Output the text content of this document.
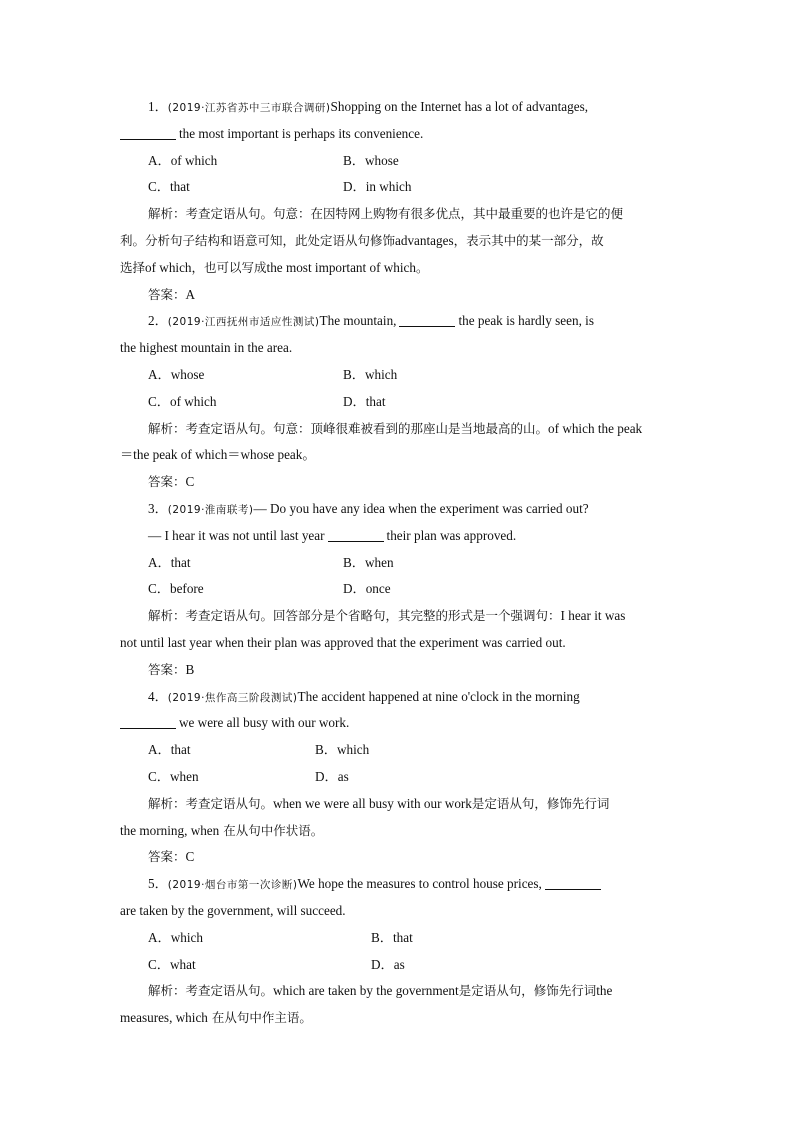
1．(2019·江苏省苏中三市联合调研)Shopping on the Internet has a lot of advantages,
the most important is perhaps its convenience.
A．of which	B．whose
C．that	D．in which
解析：考查定语从句。句意：在因特网上购物有很多优点，其中最重要的也许是它的便
利。分析句子结构和语意可知，此处定语从句修饰advantages，表示其中的某一部分，故
选择of which，也可以写成the most important of which。
答案：A
2．(2019·江西抚州市适应性测试)The mountain,	the peak is hardly seen, is
the highest mountain in the area.
A．whose	B．which
C．of which	D．that
解析：考查定语从句。句意：顶峰很难被看到的那座山是当地最高的山。of which the peak
＝the peak of which＝whose peak。
答案：C
3．(2019·淮南联考)— Do you have any idea when the experiment was carried out?
— I hear it was not until last year	their plan was approved.
A．that	B．when
C．before	D．once
解析：考查定语从句。回答部分是个省略句，其完整的形式是一个强调句：I hear it was
not until last year when their plan was approved that the experiment was carried out.
答案：B
4．(2019·焦作高三阶段测试)The accident happened at nine o'clock in the morning
we were all busy with our work.
A．that	B．which
C．when	D．as
解析：考查定语从句。when we were all busy with our work是定语从句，修饰先行词
the morning, when 在从句中作状语。
答案：C
5．(2019·烟台市第一次诊断)We hope the measures to control house prices,
are taken by the government, will succeed.
A．which	B．that
C．what	D．as
解析：考查定语从句。which are taken by the government是定语从句，修饰先行词the
measures, which 在从句中作主语。
